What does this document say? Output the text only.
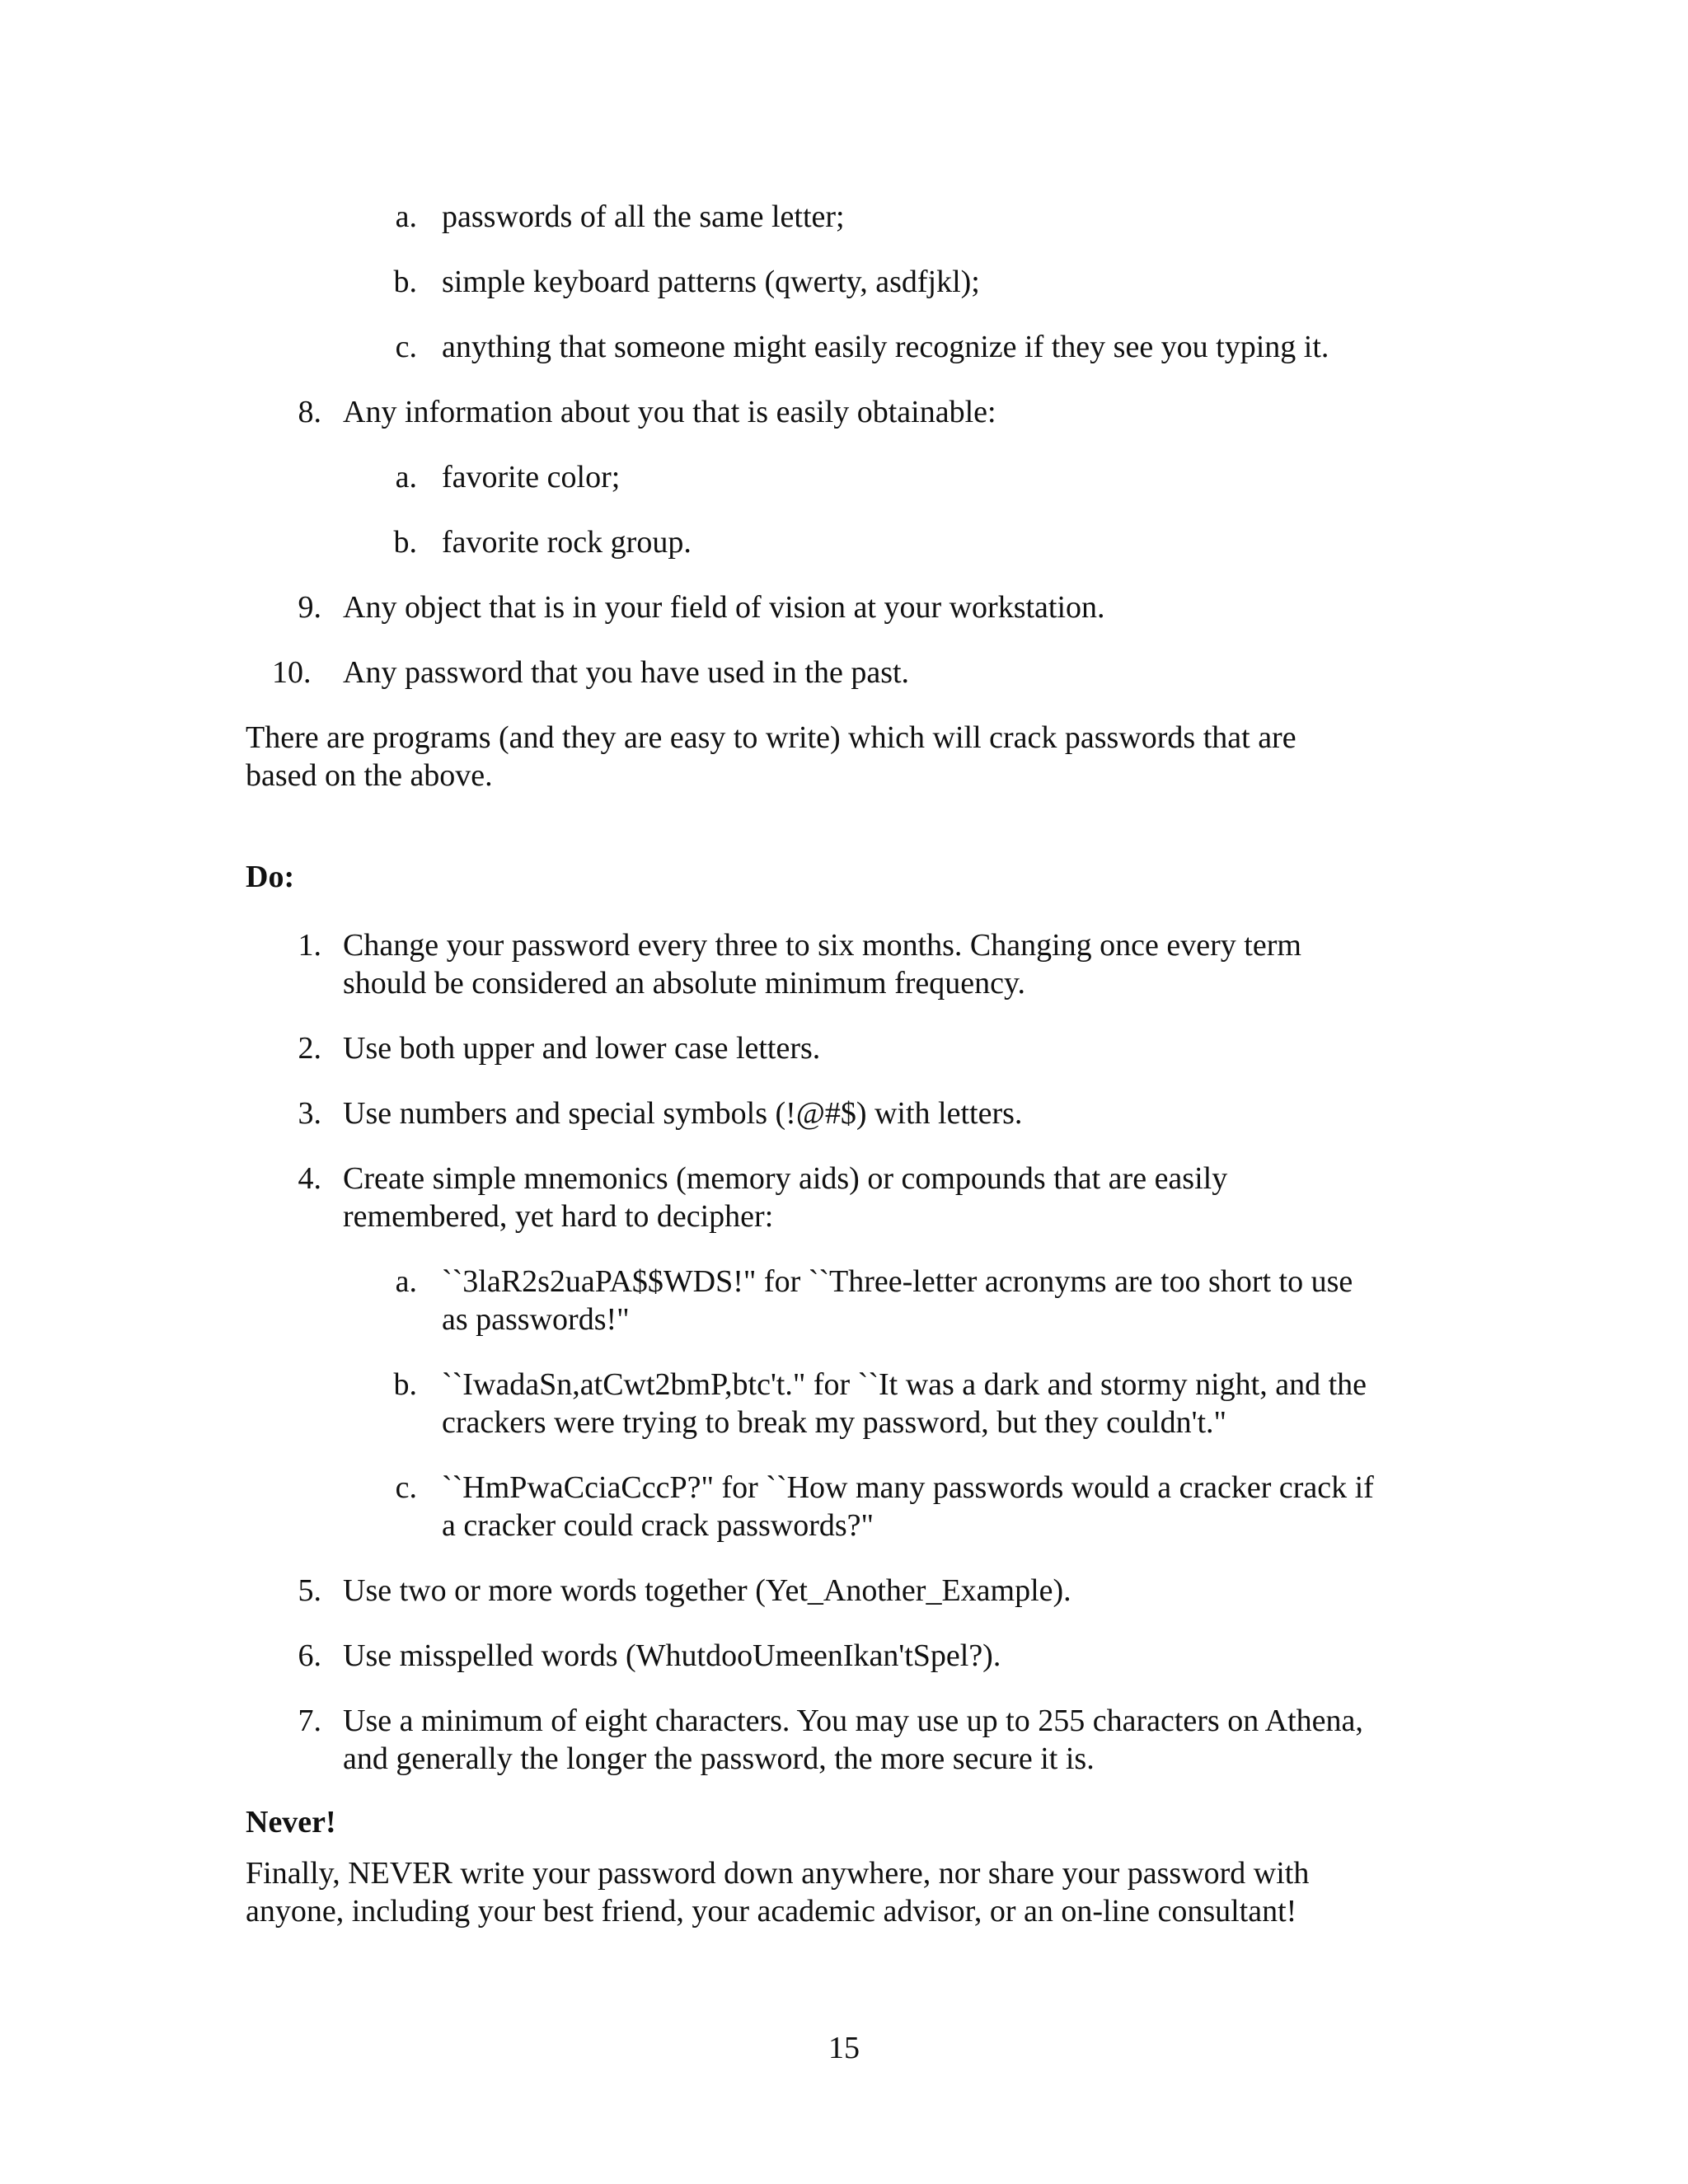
a. passwords of all the same letter;
b. simple keyboard patterns (qwerty, asdfjkl);
c. anything that someone might easily recognize if they see you typing it.
8. Any information about you that is easily obtainable:
a. favorite color;
b. favorite rock group.
9. Any object that is in your field of vision at your workstation.
10.	Any password that you have used in the past.
There are programs (and they are easy to write) which will crack passwords that are
based on the above.
Do:
1. Change your password every three to six months. Changing once every term
should be considered an absolute minimum frequency.
2. Use both upper and lower case letters.
3. Use numbers and special symbols (!@#$) with letters.
4. Create simple mnemonics (memory aids) or compounds that are easily
remembered, yet hard to decipher:
a. ``3laR2s2uaPA$$WDS!" for ``Three-letter acronyms are too short to use
as passwords!"
b. ``IwadaSn,atCwt2bmP,btc't." for ``It was a dark and stormy night, and the
crackers were trying to break my password, but they couldn't."
c. ``HmPwaCciaCccP?" for ``How many passwords would a cracker crack if
a cracker could crack passwords?"
5. Use two or more words together (Yet_Another_Example).
6. Use misspelled words (WhutdooUmeenIkan'tSpel?).
7. Use a minimum of eight characters. You may use up to 255 characters on Athena,
and generally the longer the password, the more secure it is.
Never!
Finally, NEVER write your password down anywhere, nor share your password with
anyone, including your best friend, your academic advisor, or an on-line consultant!
15
